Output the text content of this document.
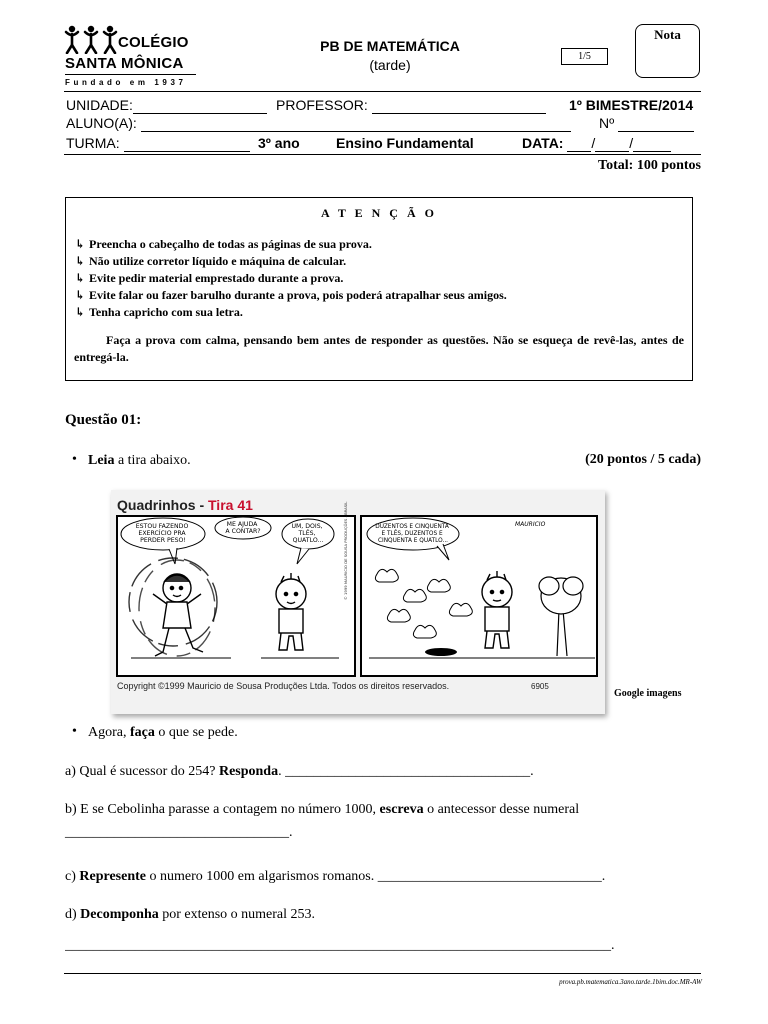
COLÉGIO
SANTA MÔNICA
Fundado em 1937
PB DE MATEMÁTICA
(tarde)
1/5
Nota
UNIDADE:	PROFESSOR:	1º BIMESTRE/2014
ALUNO(A):	Nº
TURMA:	3º ano	Ensino Fundamental	DATA: / /
Total: 100 pontos
A T E N Ç Ã O
↳ Preencha o cabeçalho de todas as páginas de sua prova.
↳ Não utilize corretor líquido e máquina de calcular.
↳ Evite pedir material emprestado durante a prova.
↳ Evite falar ou fazer barulho durante a prova, pois poderá atrapalhar seus amigos.
↳ Tenha capricho com sua letra.
Faça a prova com calma, pensando bem antes de responder as questões. Não se esqueça de revê-las, antes de entregá-la.
Questão 01:
• Leia a tira abaixo.	(20 pontos / 5 cada)
Quadrinhos - Tira 41
ESTOU FAZENDO EXERCÍCIO PRA PERDER PESO!
ME AJUDA A CONTAR?
UM, DOIS, TLÊS, QUATLO...	© 1999 MAURICIO DE SOUSA PRODUÇÕES - BRASIL	DUZENTOS E CINQUENTA E TLÊS, DUZENTOS E CINQUENTA E QUATLO...
MAURICIO
Copyright ©1999 Mauricio de Sousa Produções Ltda. Todos os direitos reservados.	6905
Google imagens
• Agora, faça o que se pede.
a) Qual é sucessor do 254? Responda. ___________________________________.
b) E se Cebolinha parasse a contagem no número 1000, escreva o antecessor desse numeral
________________________________.
c) Represente o numero 1000 em algarismos romanos. ________________________________.
d) Decomponha por extenso o numeral 253.
______________________________________________________________________________.
prova.pb.matematica.3ano.tarde.1bim.doc.MR-AW
